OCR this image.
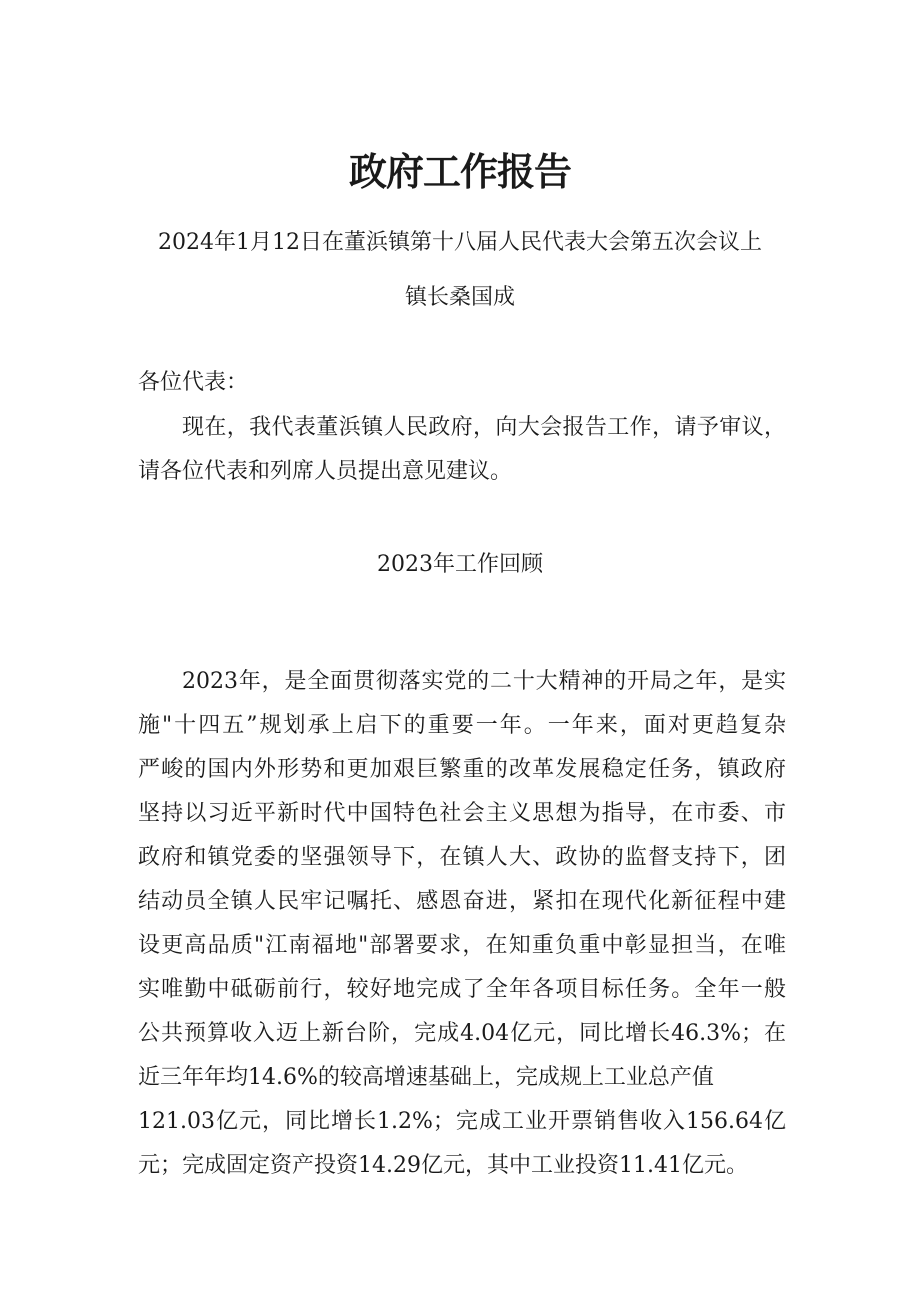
政府工作报告
2024年1月12日在董浜镇第十八届人民代表大会第五次会议上
镇长桑国成
各位代表：
现在，我代表董浜镇人民政府，向大会报告工作，请予审议，
请各位代表和列席人员提出意见建议。
2023年工作回顾
2023年，是全面贯彻落实党的二十大精神的开局之年，是实
施"十四五”规划承上启下的重要一年。一年来，面对更趋复杂
严峻的国内外形势和更加艰巨繁重的改革发展稳定任务，镇政府
坚持以习近平新时代中国特色社会主义思想为指导，在市委、市
政府和镇党委的坚强领导下，在镇人大、政协的监督支持下，团
结动员全镇人民牢记嘱托、感恩奋进，紧扣在现代化新征程中建
设更高品质"江南福地"部署要求，在知重负重中彰显担当，在唯
实唯勤中砥砺前行，较好地完成了全年各项目标任务。全年一般
公共预算收入迈上新台阶，完成4.04亿元，同比增长46.3%；在
近三年年均14.6%的较高增速基础上，完成规上工业总产值
121.03亿元，同比增长1.2%；完成工业开票销售收入156.64亿
元；完成固定资产投资14.29亿元，其中工业投资11.41亿元。
